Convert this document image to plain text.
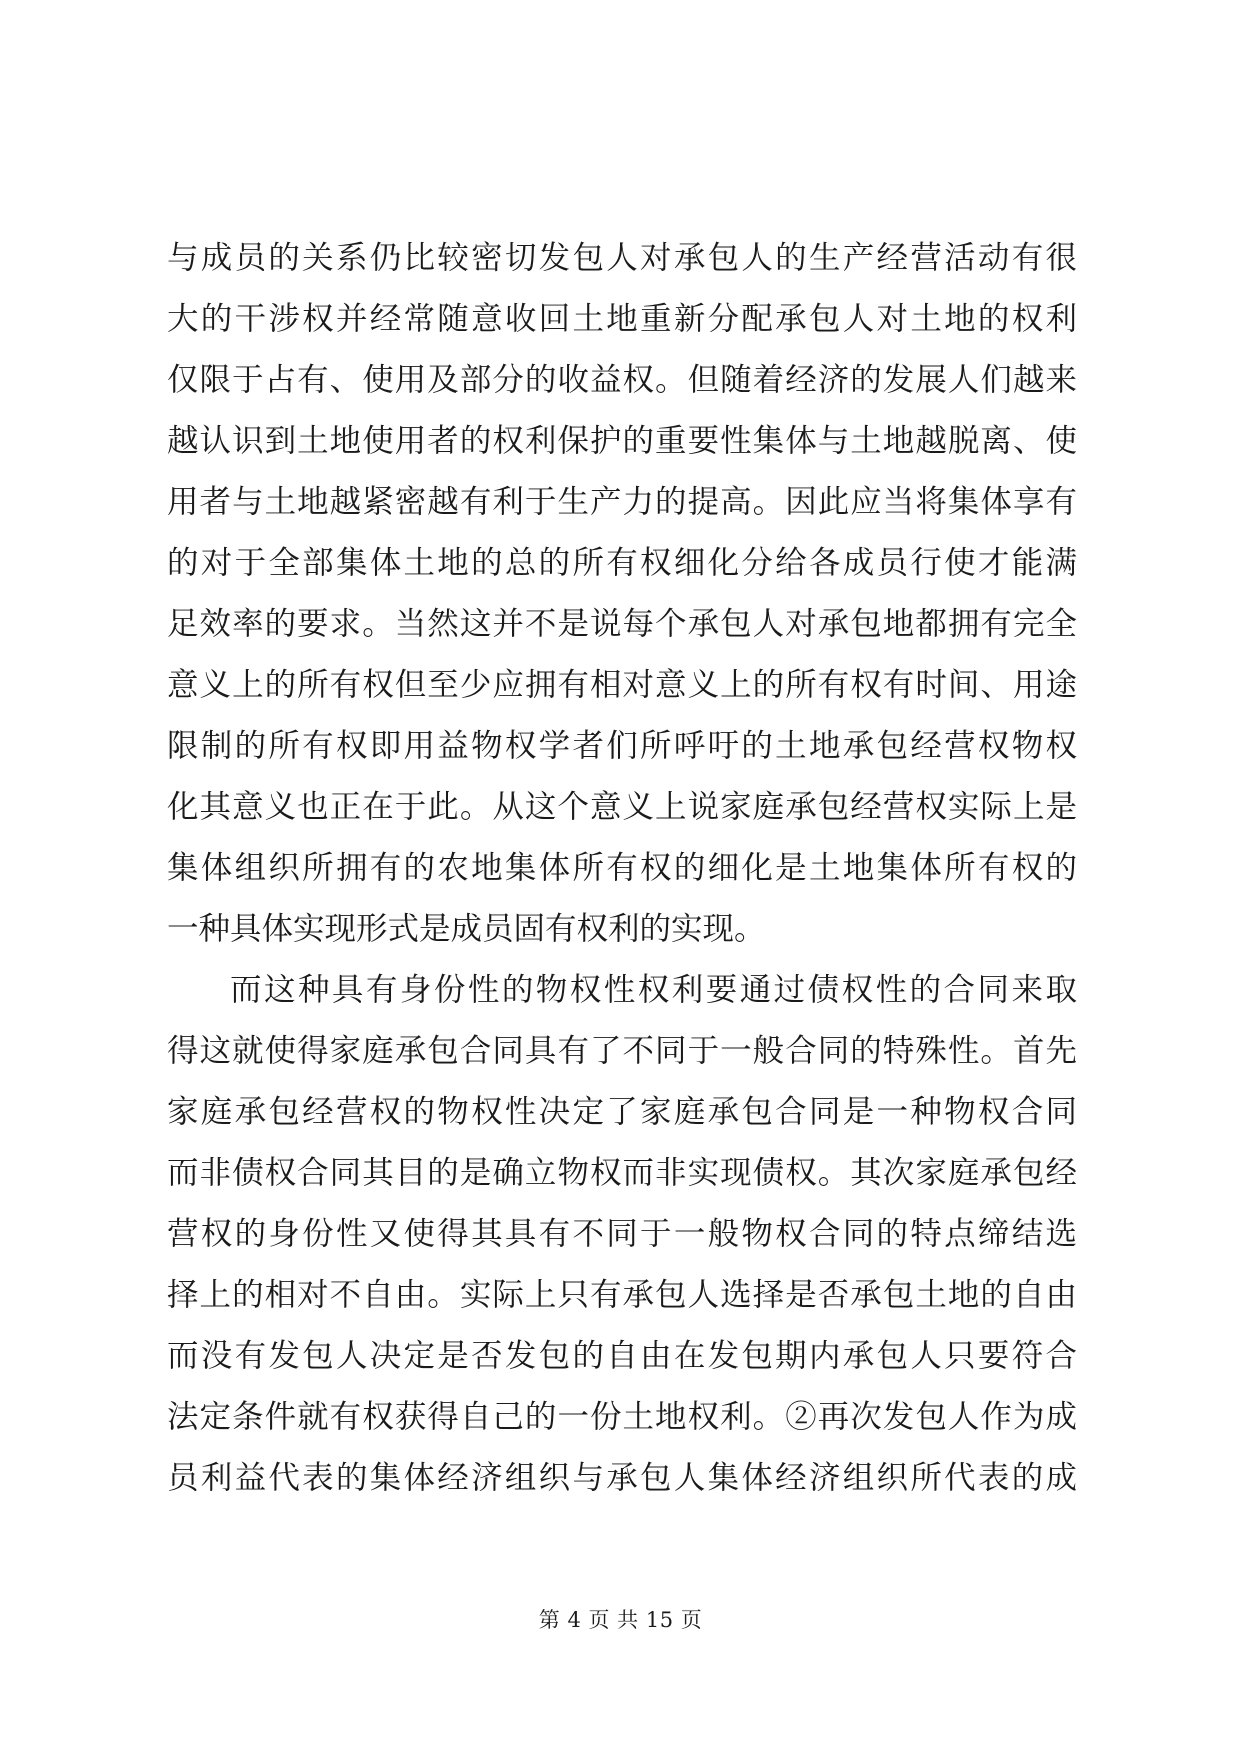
与成员的关系仍比较密切发包人对承包人的生产经营活动有很
大的干涉权并经常随意收回土地重新分配承包人对土地的权利
仅限于占有、使用及部分的收益权。但随着经济的发展人们越来
越认识到土地使用者的权利保护的重要性集体与土地越脱离、使
用者与土地越紧密越有利于生产力的提高。因此应当将集体享有
的对于全部集体土地的总的所有权细化分给各成员行使才能满
足效率的要求。当然这并不是说每个承包人对承包地都拥有完全
意义上的所有权但至少应拥有相对意义上的所有权有时间、用途
限制的所有权即用益物权学者们所呼吁的土地承包经营权物权
化其意义也正在于此。从这个意义上说家庭承包经营权实际上是
集体组织所拥有的农地集体所有权的细化是土地集体所有权的
一种具体实现形式是成员固有权利的实现。
而这种具有身份性的物权性权利要通过债权性的合同来取
得这就使得家庭承包合同具有了不同于一般合同的特殊性。首先
家庭承包经营权的物权性决定了家庭承包合同是一种物权合同
而非债权合同其目的是确立物权而非实现债权。其次家庭承包经
营权的身份性又使得其具有不同于一般物权合同的特点缔结选
择上的相对不自由。实际上只有承包人选择是否承包土地的自由
而没有发包人决定是否发包的自由在发包期内承包人只要符合
法定条件就有权获得自己的一份土地权利。②再次发包人作为成
员利益代表的集体经济组织与承包人集体经济组织所代表的成
第 4 页 共 15 页
